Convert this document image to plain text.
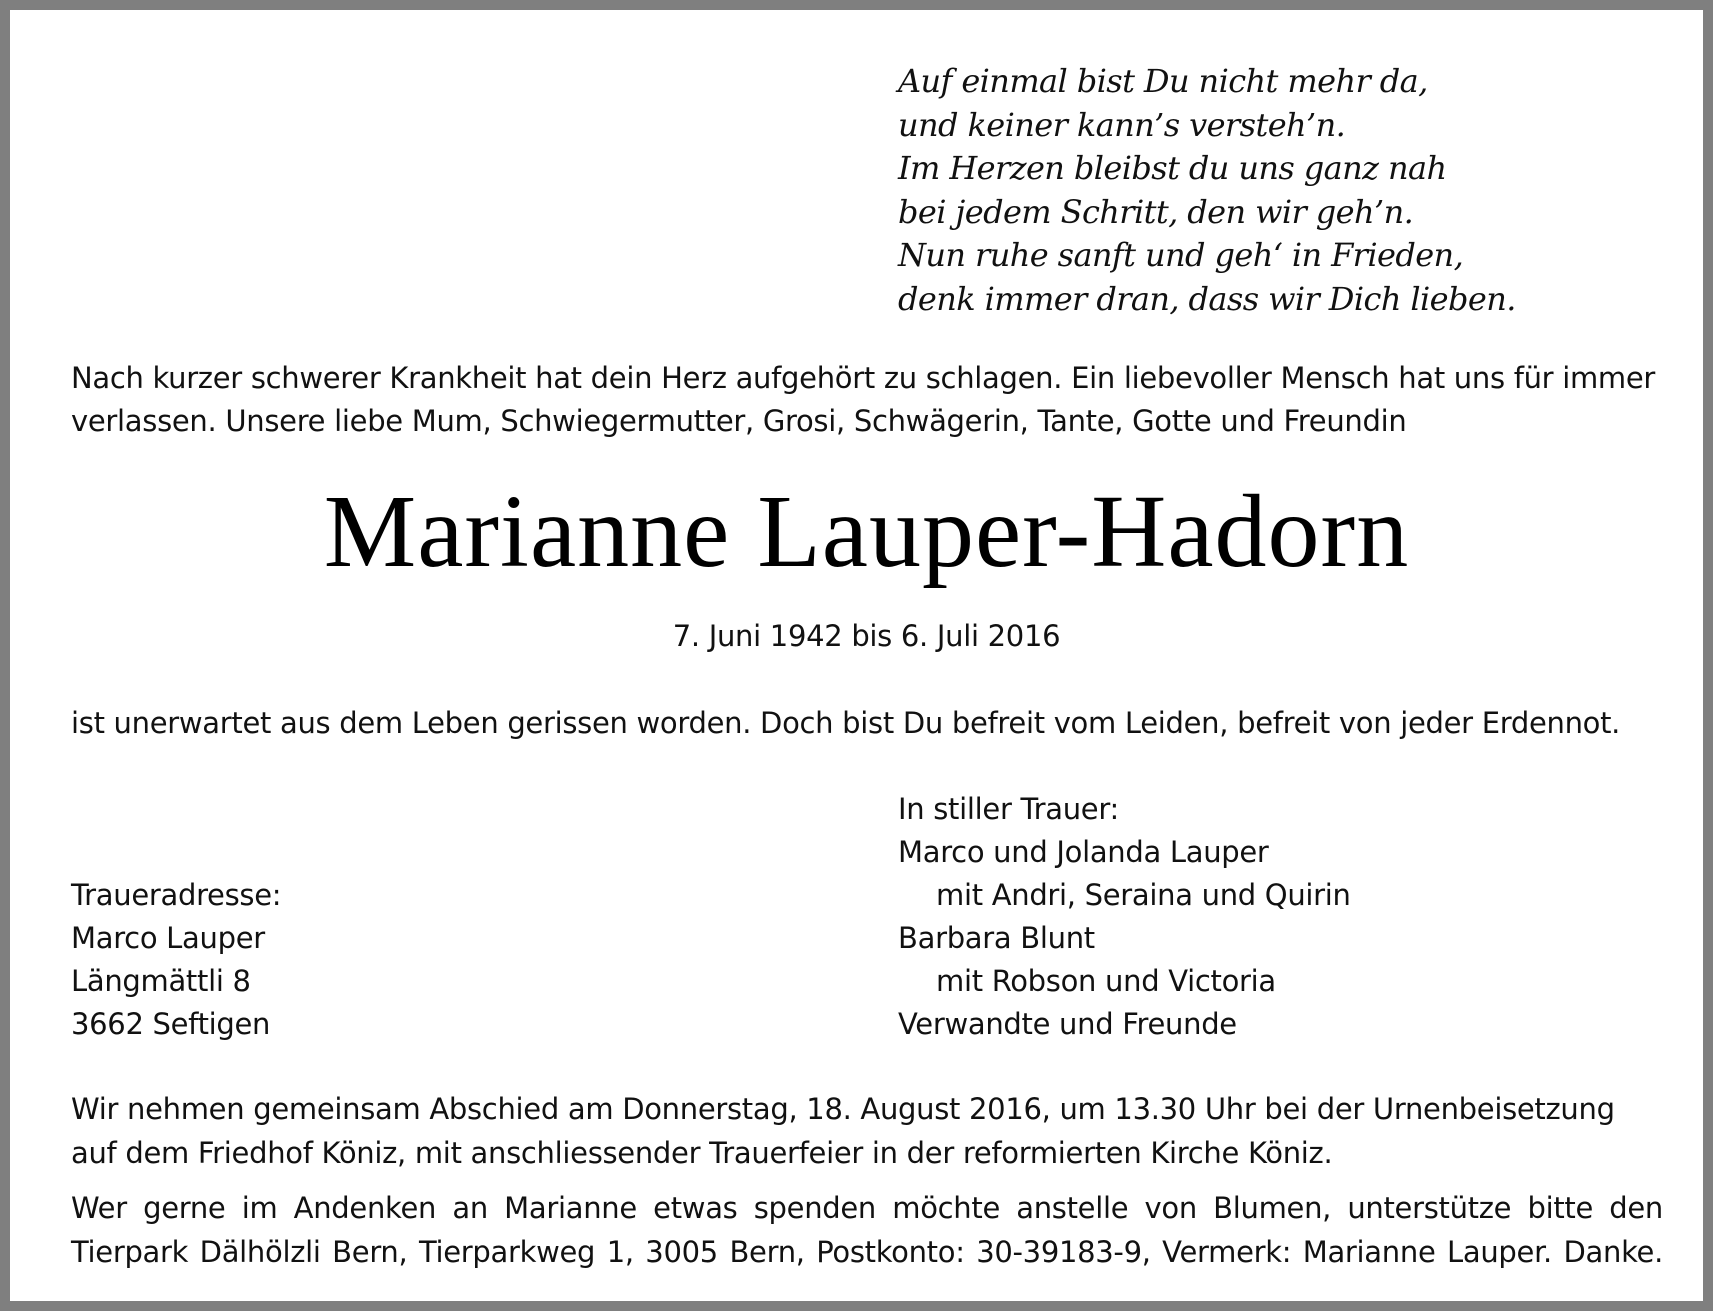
Auf einmal bist Du nicht mehr da,
und keiner kann’s versteh’n.
Im Herzen bleibst du uns ganz nah
bei jedem Schritt, den wir geh’n.
Nun ruhe sanft und geh‘ in Frieden,
denk immer dran, dass wir Dich lieben.
Nach kurzer schwerer Krankheit hat dein Herz aufgehört zu schlagen. Ein liebevoller Mensch hat uns für immer
verlassen. Unsere liebe Mum, Schwiegermutter, Grosi, Schwägerin, Tante, Gotte und Freundin
Marianne Lauper-Hadorn
7. Juni 1942 bis 6. Juli 2016
ist unerwartet aus dem Leben gerissen worden. Doch bist Du befreit vom Leiden, befreit von jeder Erdennot.
In stiller Trauer:
Marco und Jolanda Lauper
mit Andri, Seraina und Quirin
Barbara Blunt
mit Robson und Victoria
Verwandte und Freunde
Traueradresse:
Marco Lauper
Längmättli 8
3662 Seftigen
Wir nehmen gemeinsam Abschied am Donnerstag, 18. August 2016, um 13.30 Uhr bei der Urnenbeisetzung
auf dem Friedhof Köniz, mit anschliessender Trauerfeier in der reformierten Kirche Köniz.
Wer gerne im Andenken an Marianne etwas spenden möchte anstelle von Blumen, unterstütze bitte den
Tierpark Dälhölzli Bern, Tierparkweg 1, 3005 Bern, Postkonto: 30-39183-9, Vermerk: Marianne Lauper. Danke.
